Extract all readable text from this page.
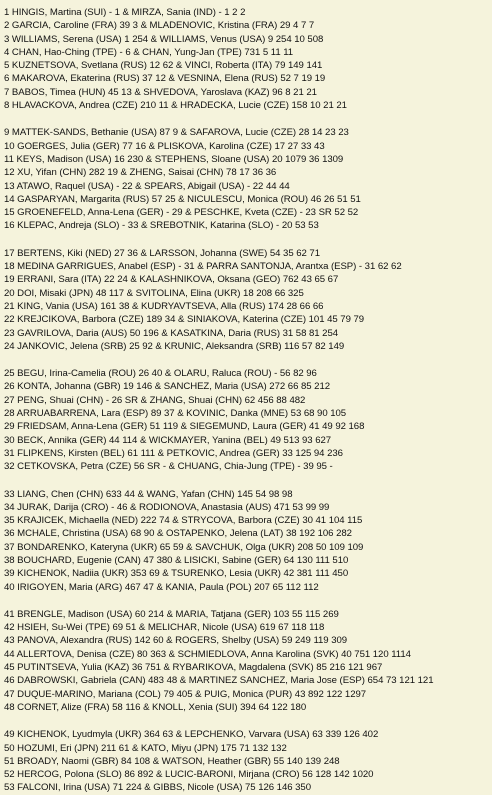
1 HINGIS, Martina (SUI) - 1 & MIRZA, Sania (IND) - 1 2 2
2 GARCIA, Caroline (FRA) 39 3 & MLADENOVIC, Kristina (FRA) 29 4 7 7
3 WILLIAMS, Serena (USA) 1 254 & WILLIAMS, Venus (USA) 9 254 10 508
4 CHAN, Hao-Ching (TPE) - 6 & CHAN, Yung-Jan (TPE) 731 5 11 11
5 KUZNETSOVA, Svetlana (RUS) 12 62 & VINCI, Roberta (ITA) 79 149 141
6 MAKAROVA, Ekaterina (RUS) 37 12 & VESNINA, Elena (RUS) 52 7 19 19
7 BABOS, Timea (HUN) 45 13 & SHVEDOVA, Yaroslava (KAZ) 96 8 21 21
8 HLAVACKOVA, Andrea (CZE) 210 11 & HRADECKA, Lucie (CZE) 158 10 21 21
9 MATTEK-SANDS, Bethanie (USA) 87 9 & SAFAROVA, Lucie (CZE) 28 14 23 23
10 GOERGES, Julia (GER) 77 16 & PLISKOVA, Karolina (CZE) 17 27 33 43
11 KEYS, Madison (USA) 16 230 & STEPHENS, Sloane (USA) 20 1079 36 1309
12 XU, Yifan (CHN) 282 19 & ZHENG, Saisai (CHN) 78 17 36 36
13 ATAWO, Raquel (USA) - 22 & SPEARS, Abigail (USA) - 22 44 44
14 GASPARYAN, Margarita (RUS) 57 25 & NICULESCU, Monica (ROU) 46 26 51 51
15 GROENEFELD, Anna-Lena (GER) - 29 & PESCHKE, Kveta (CZE) - 23 SR 52 52
16 KLEPAC, Andreja (SLO) - 33 & SREBOTNIK, Katarina (SLO) - 20 53 53
17 BERTENS, Kiki (NED) 27 36 & LARSSON, Johanna (SWE) 54 35 62 71
18 MEDINA GARRIGUES, Anabel (ESP) - 31 & PARRA SANTONJA, Arantxa (ESP) - 31 62 62
19 ERRANI, Sara (ITA) 22 24 & KALASHNIKOVA, Oksana (GEO) 762 43 65 67
20 DOI, Misaki (JPN) 48 117 & SVITOLINA, Elina (UKR) 18 208 66 325
21 KING, Vania (USA) 161 38 & KUDRYAVTSEVA, Alla (RUS) 174 28 66 66
22 KREJCIKOVA, Barbora (CZE) 189 34 & SINIAKOVA, Katerina (CZE) 101 45 79 79
23 GAVRILOVA, Daria (AUS) 50 196 & KASATKINA, Daria (RUS) 31 58 81 254
24 JANKOVIC, Jelena (SRB) 25 92 & KRUNIC, Aleksandra (SRB) 116 57 82 149
25 BEGU, Irina-Camelia (ROU) 26 40 & OLARU, Raluca (ROU) - 56 82 96
26 KONTA, Johanna (GBR) 19 146 & SANCHEZ, Maria (USA) 272 66 85 212
27 PENG, Shuai (CHN) - 26 SR & ZHANG, Shuai (CHN) 62 456 88 482
28 ARRUABARRENA, Lara (ESP) 89 37 & KOVINIC, Danka (MNE) 53 68 90 105
29 FRIEDSAM, Anna-Lena (GER) 51 119 & SIEGEMUND, Laura (GER) 41 49 92 168
30 BECK, Annika (GER) 44 114 & WICKMAYER, Yanina (BEL) 49 513 93 627
31 FLIPKENS, Kirsten (BEL) 61 111 & PETKOVIC, Andrea (GER) 33 125 94 236
32 CETKOVSKA, Petra (CZE) 56 SR - & CHUANG, Chia-Jung (TPE) - 39 95 -
33 LIANG, Chen (CHN) 633 44 & WANG, Yafan (CHN) 145 54 98 98
34 JURAK, Darija (CRO) - 46 & RODIONOVA, Anastasia (AUS) 471 53 99 99
35 KRAJICEK, Michaella (NED) 222 74 & STRYCOVA, Barbora (CZE) 30 41 104 115
36 MCHALE, Christina (USA) 68 90 & OSTAPENKO, Jelena (LAT) 38 192 106 282
37 BONDARENKO, Kateryna (UKR) 65 59 & SAVCHUK, Olga (UKR) 208 50 109 109
38 BOUCHARD, Eugenie (CAN) 47 380 & LISICKI, Sabine (GER) 64 130 111 510
39 KICHENOK, Nadiia (UKR) 353 69 & TSURENKO, Lesia (UKR) 42 381 111 450
40 IRIGOYEN, Maria (ARG) 467 47 & KANIA, Paula (POL) 207 65 112 112
41 BRENGLE, Madison (USA) 60 214 & MARIA, Tatjana (GER) 103 55 115 269
42 HSIEH, Su-Wei (TPE) 69 51 & MELICHAR, Nicole (USA) 619 67 118 118
43 PANOVA, Alexandra (RUS) 142 60 & ROGERS, Shelby (USA) 59 249 119 309
44 ALLERTOVA, Denisa (CZE) 80 363 & SCHMIEDLOVA, Anna Karolina (SVK) 40 751 120 1114
45 PUTINTSEVA, Yulia (KAZ) 36 751 & RYBARIKOVA, Magdalena (SVK) 85 216 121 967
46 DABROWSKI, Gabriela (CAN) 483 48 & MARTINEZ SANCHEZ, Maria Jose (ESP) 654 73 121 121
47 DUQUE-MARINO, Mariana (COL) 79 405 & PUIG, Monica (PUR) 43 892 122 1297
48 CORNET, Alize (FRA) 58 116 & KNOLL, Xenia (SUI) 394 64 122 180
49 KICHENOK, Lyudmyla (UKR) 364 63 & LEPCHENKO, Varvara (USA) 63 339 126 402
50 HOZUMI, Eri (JPN) 211 61 & KATO, Miyu (JPN) 175 71 132 132
51 BROADY, Naomi (GBR) 84 108 & WATSON, Heather (GBR) 55 140 139 248
52 HERCOG, Polona (SLO) 86 892 & LUCIC-BARONI, Mirjana (CRO) 56 128 142 1020
53 FALCONI, Irina (USA) 71 224 & GIBBS, Nicole (USA) 75 126 146 350
